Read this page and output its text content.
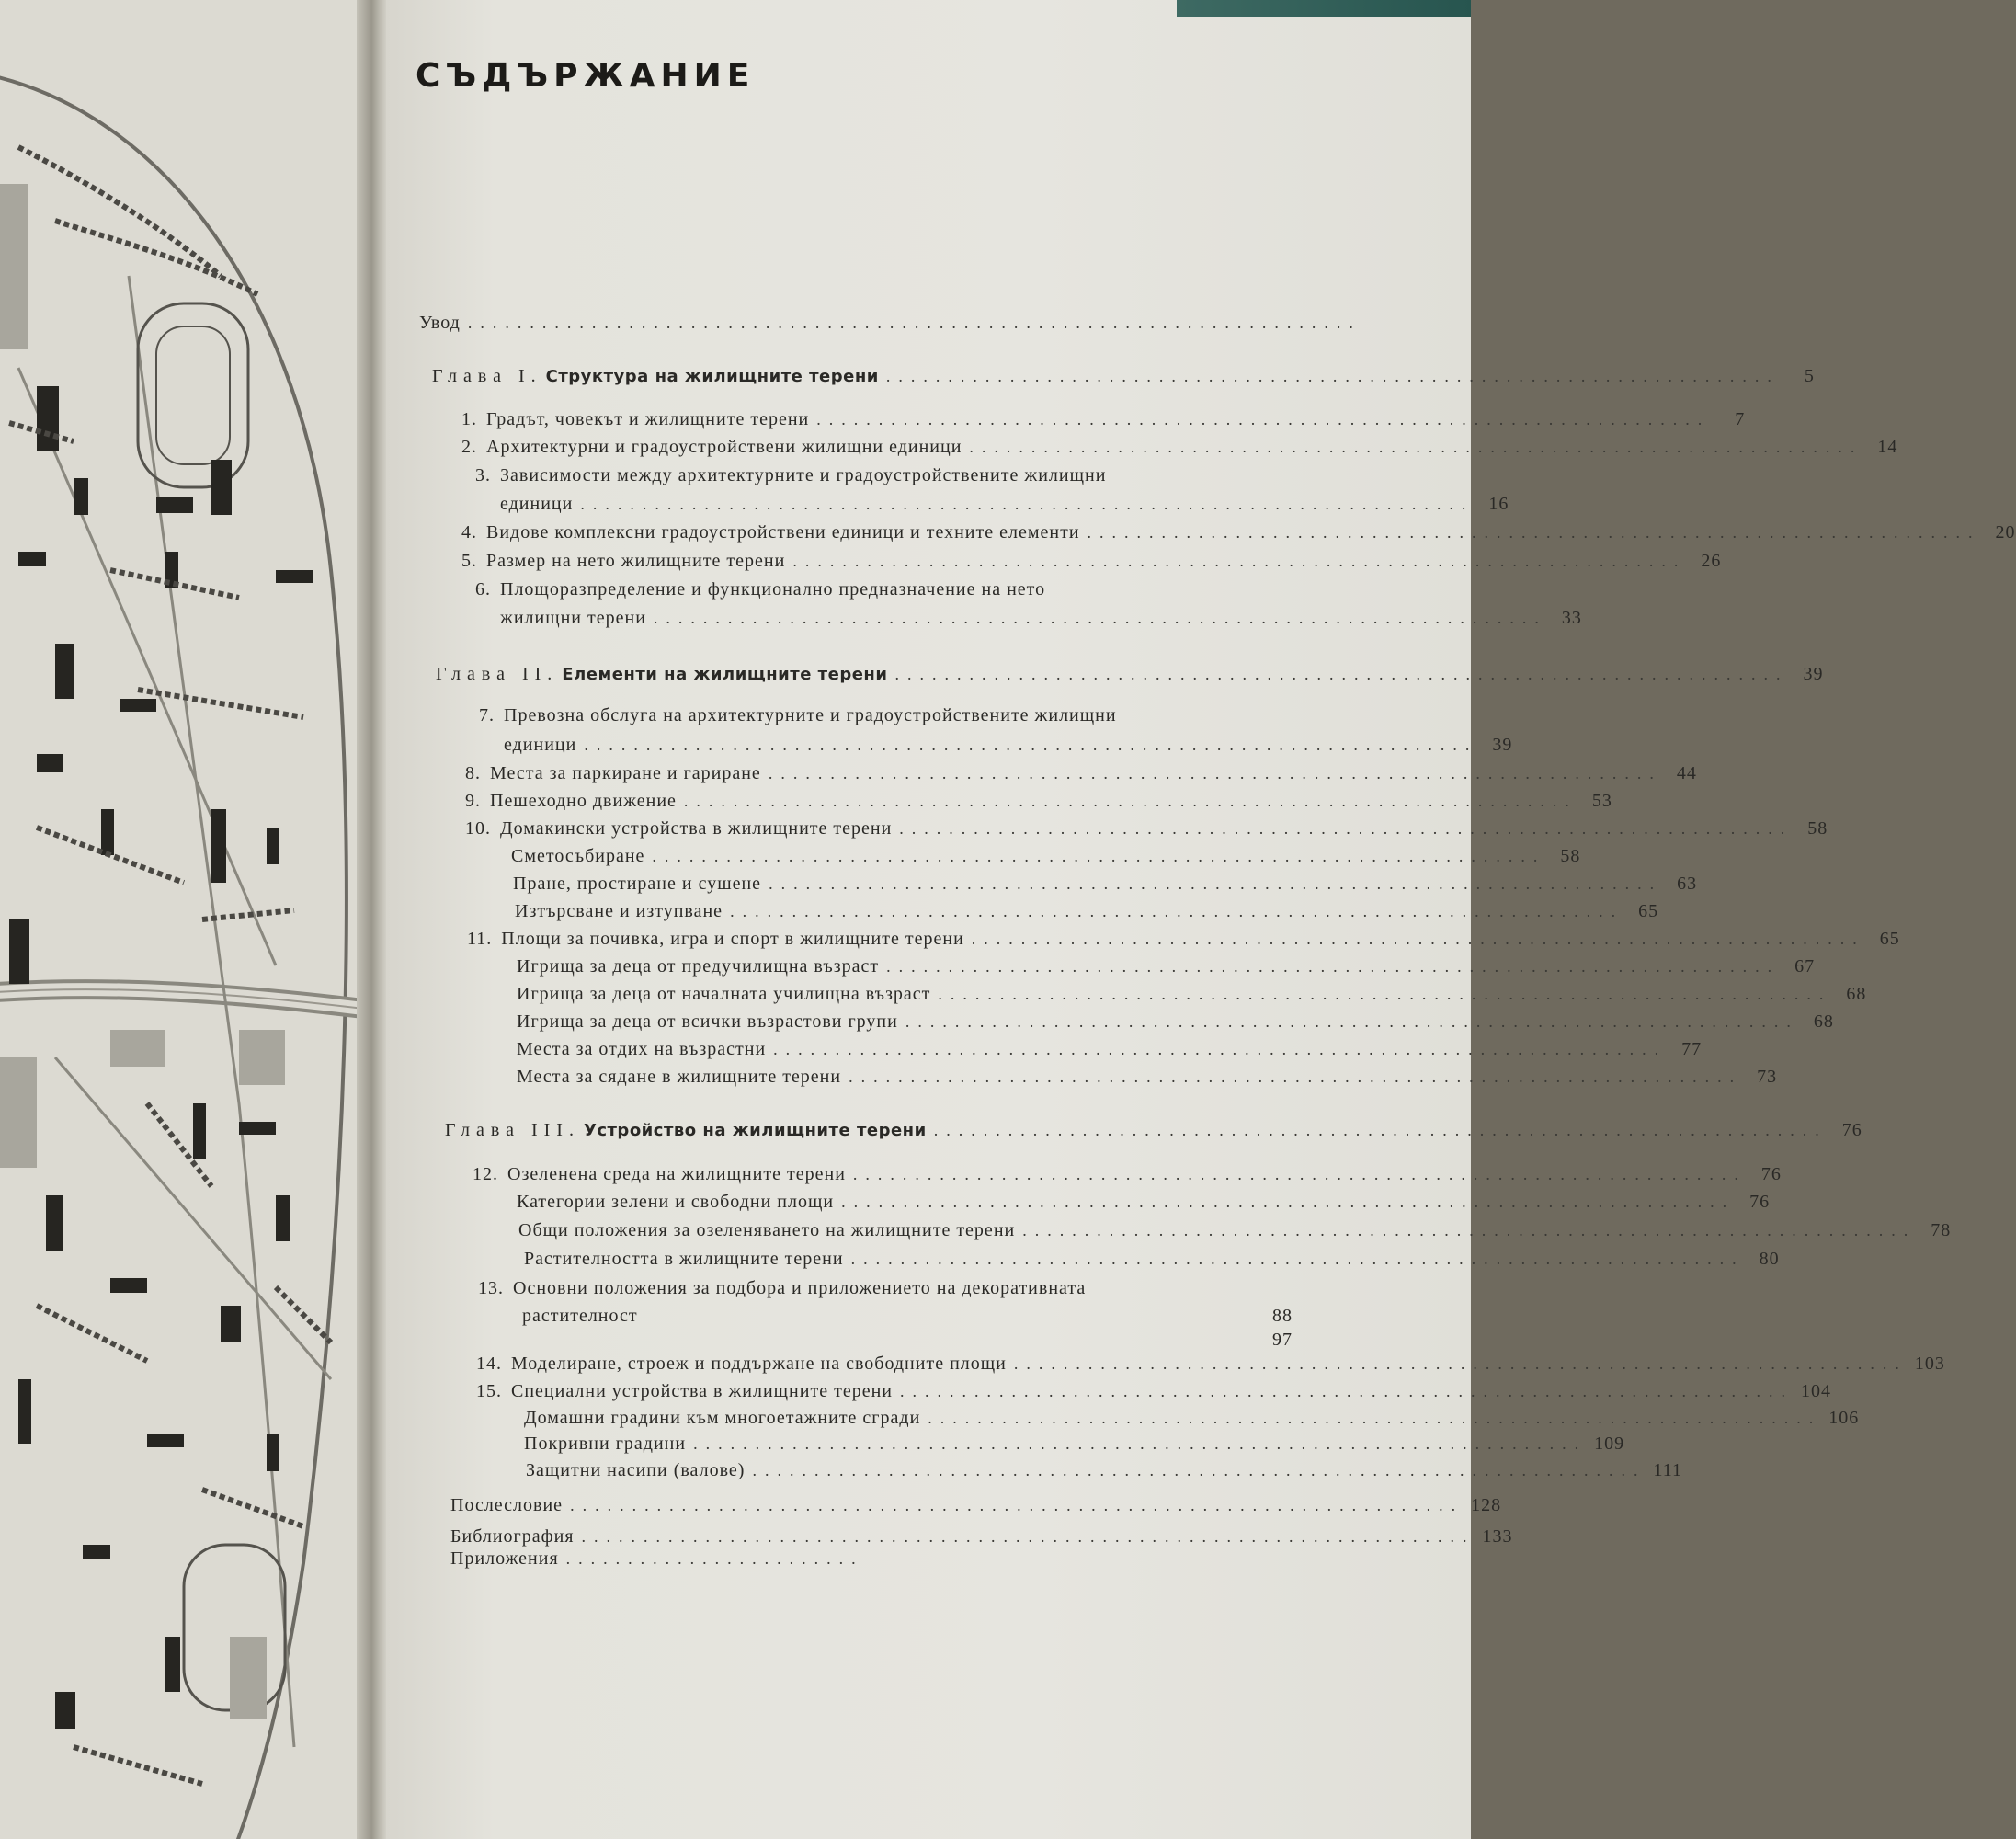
СЪДЪРЖАНИЕ
Увод ........................................................................
Глава I. Структура на жилищните терени ........................................................................	5
1. Градът, човекът и жилищните терени ........................................................................	7
2. Архитектурни и градоустройствени жилищни единици ........................................................................ 14
3. Зависимости между архитектурните и градоустройствените жилищни
единици ........................................................................ 16
4. Видове комплексни градоустройствени единици и техните елементи ........................................................................ 20
5. Размер на нето жилищните терени ........................................................................ 26
6. Площоразпределение и функционално предназначение на нето
жилищни терени ........................................................................ 33
Глава II. Елементи на жилищните терени ........................................................................ 39
7. Превозна обслуга на архитектурните и градоустройствените жилищни
единици ........................................................................ 39
8. Места за паркиране и гариране ........................................................................ 44
9. Пешеходно движение ........................................................................ 53
10. Домакински устройства в жилищните терени ........................................................................ 58
Сметосъбиране ........................................................................ 58
Пране, простиране и сушене ........................................................................ 63
Изтърсване и изтупване ........................................................................ 65
11. Площи за почивка, игра и спорт в жилищните терени ........................................................................ 65
Игрища за деца от предучилищна възраст ........................................................................ 67
Игрища за деца от началната училищна възраст ........................................................................ 68
Игрища за деца от всички възрастови групи ........................................................................ 68
Места за отдих на възрастни ........................................................................ 77
Места за сядане в жилищните терени ........................................................................ 73
Глава III. Устройство на жилищните терени ........................................................................ 76
12. Озеленена среда на жилищните терени ........................................................................ 76
Категории зелени и свободни площи ........................................................................ 76
Общи положения за озеленяването на жилищните терени ........................................................................ 78
Растителността в жилищните терени ........................................................................ 80
13. Основни положения за подбора и приложението на декоративната
растителност	88
97
14. Моделиране, строеж и поддържане на свободните площи ........................................................................ 103
15. Специални устройства в жилищните терени ........................................................................ 104
Домашни градини към многоетажните сгради ........................................................................ 106
Покривни градини ........................................................................ 109
Защитни насипи (валове) ........................................................................ 111
Послесловие ........................................................................ 128
Библиография ........................................................................ 133
Приложения ........................
